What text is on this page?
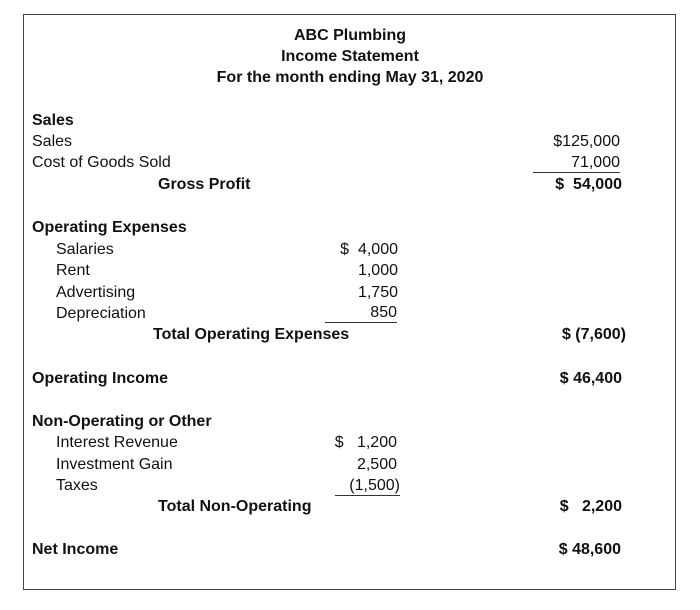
ABC Plumbing
Income Statement
For the month ending May 31, 2020
Sales
Sales	$125,000
Cost of Goods Sold	71,000
Gross Profit	$  54,000
Operating Expenses
Salaries	$  4,000
Rent	1,000
Advertising	1,750
Depreciation	850
Total Operating Expenses	$ (7,600)
Operating Income	$ 46,400
Non-Operating or Other
Interest Revenue	$   1,200
Investment Gain	2,500
Taxes	(1,500)
Total Non-Operating	$   2,200
Net Income	$ 48,600
